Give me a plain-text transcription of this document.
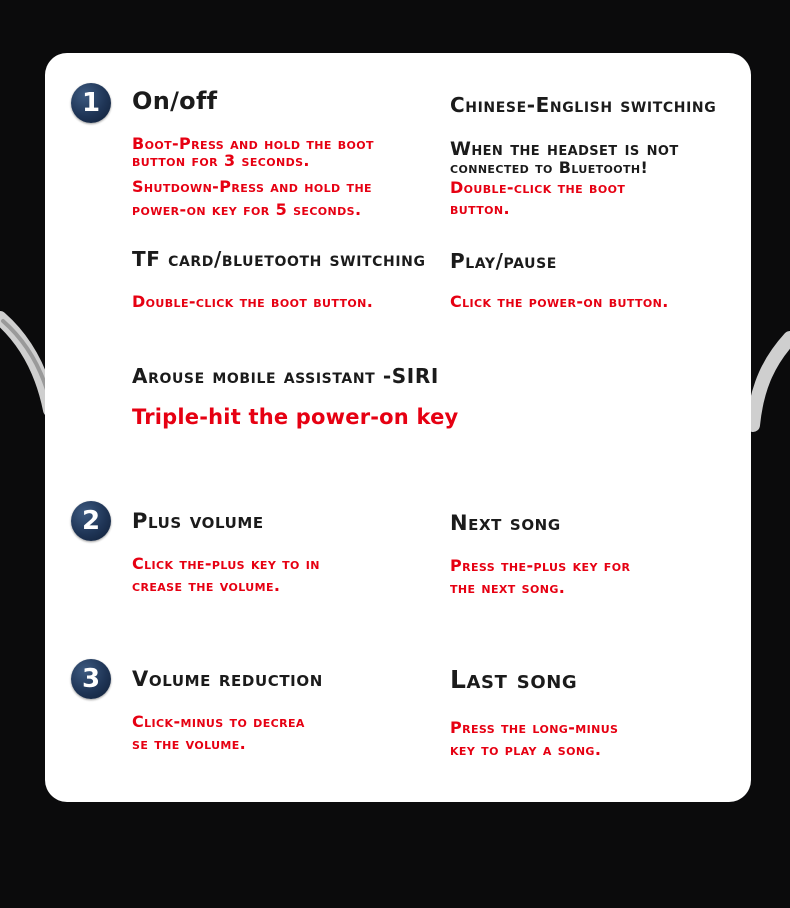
1 On/off
Boot-Press and hold the boot
button for 3 seconds.
Shutdown-Press and hold the
power-on key for 5 seconds.
Chinese-English switching
When the headset is not
connected to Bluetooth!
Double-click the boot
button.
TF card/bluetooth switching
Double-click the boot button.
Play/pause
Click the power-on button.
Arouse mobile assistant -SIRI
Triple-hit the power-on key
2 Plus volume
Click the-plus key to in
crease the volume.
Next song
Press the-plus key for
the next song.
3 Volume reduction
Click-minus to decrea
se the volume.
Last song
Press the long-minus
key to play a song.
